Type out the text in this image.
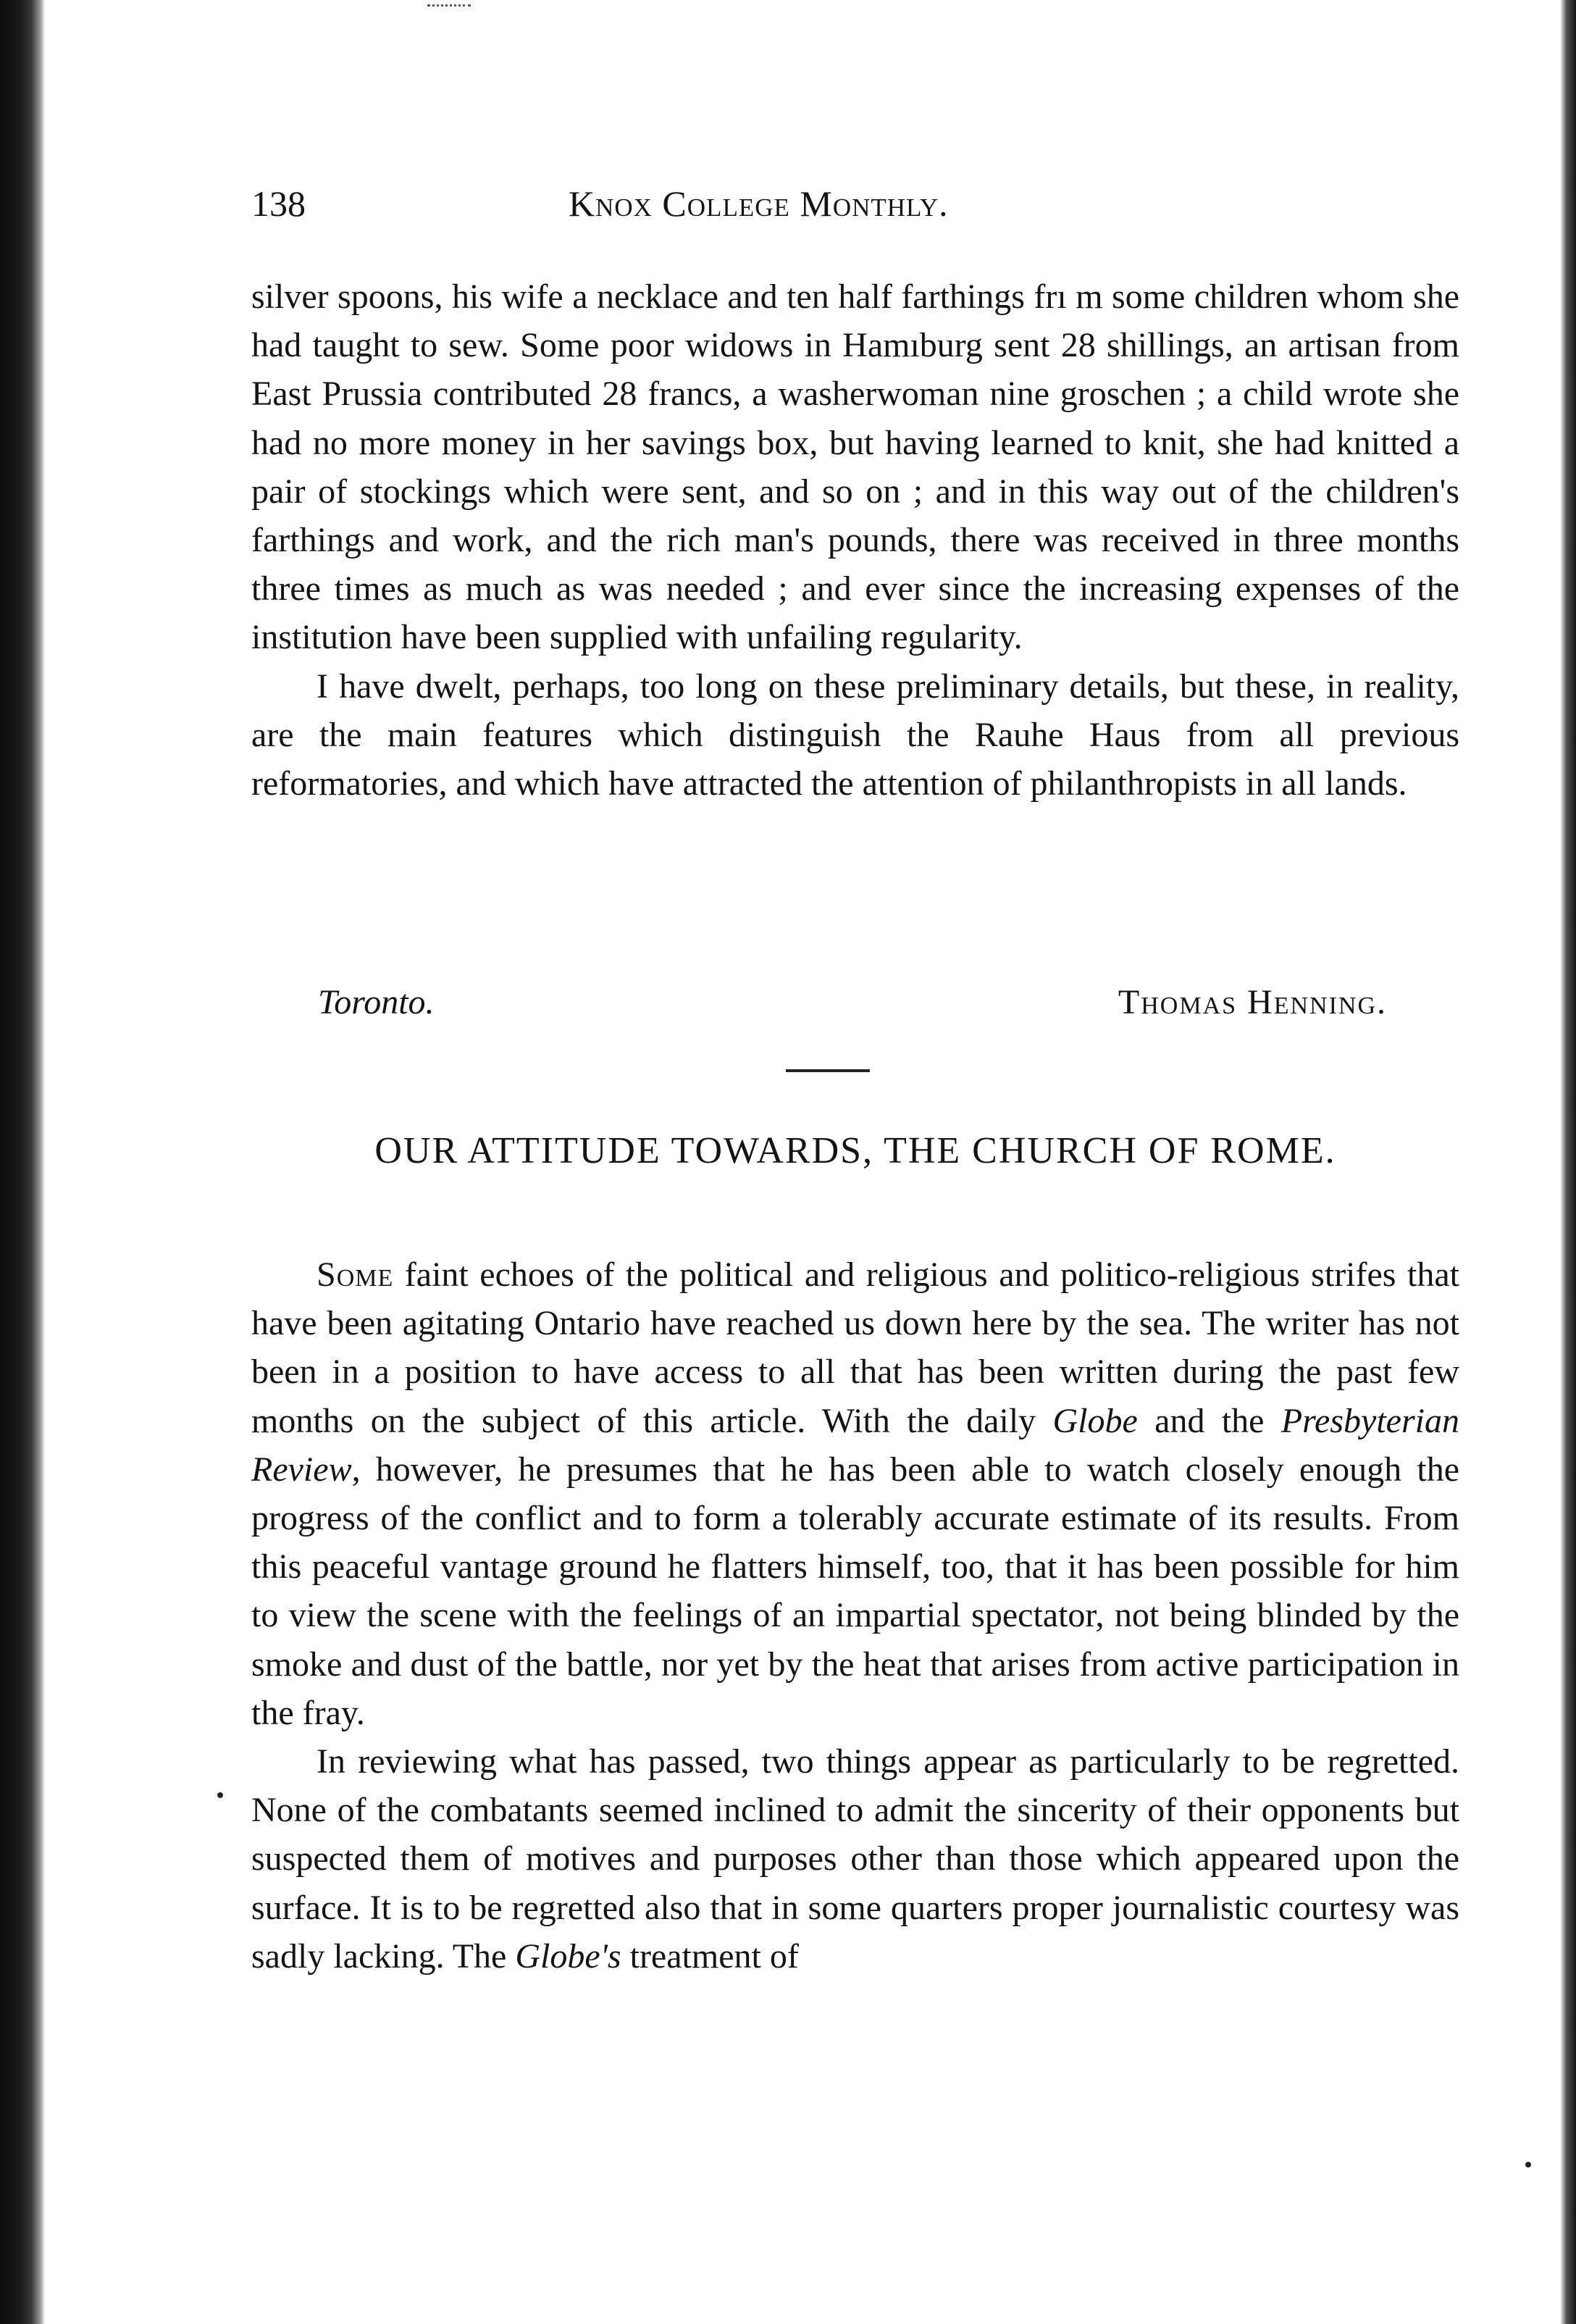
138	Knox College Monthly.

silver spoons, his wife a necklace and ten half farthings frı m some children whom she had taught to sew. Some poor widows in Hamıburg sent 28 shillings, an artisan from East Prussia contributed 28 francs, a washerwoman nine groschen ; a child wrote she had no more money in her savings box, but having learned to knit, she had knitted a pair of stockings which were sent, and so on ; and in this way out of the children's farthings and work, and the rich man's pounds, there was received in three months three times as much as was needed ; and ever since the increasing expenses of the institution have been supplied with unfailing regularity.

I have dwelt, perhaps, too long on these preliminary details, but these, in reality, are the main features which distinguish the Rauhe Haus from all previous reformatories, and which have attracted the attention of philanthropists in all lands.

Toronto.	Thomas Henning.
OUR ATTITUDE TOWARDS, THE CHURCH OF ROME.

Some faint echoes of the political and religious and politico-religious strifes that have been agitating Ontario have reached us down here by the sea. The writer has not been in a position to have access to all that has been written during the past few months on the subject of this article. With the daily Globe and the Presbyterian Review, however, he presumes that he has been able to watch closely enough the progress of the conflict and to form a tolerably accurate estimate of its results. From this peaceful vantage ground he flatters himself, too, that it has been possible for him to view the scene with the feelings of an impartial spectator, not being blinded by the smoke and dust of the battle, nor yet by the heat that arises from active participation in the fray.

In reviewing what has passed, two things appear as particularly to be regretted. None of the combatants seemed inclined to admit the sincerity of their opponents but suspected them of motives and purposes other than those which appeared upon the surface. It is to be regretted also that in some quarters proper journalistic courtesy was sadly lacking. The Globe's treatment of
